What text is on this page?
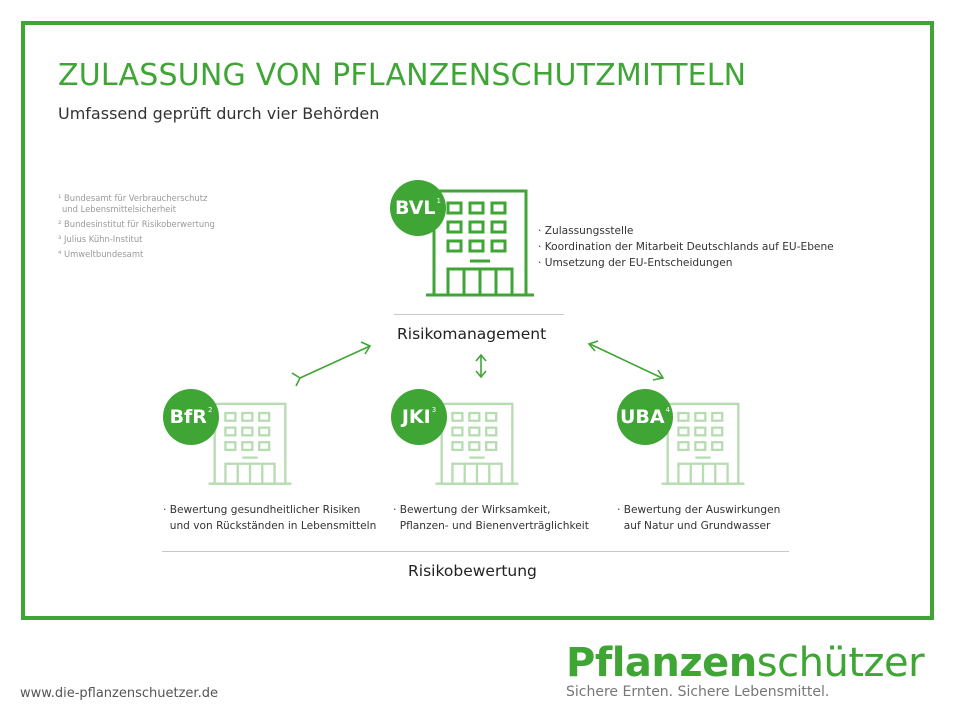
ZULASSUNG VON PFLANZENSCHUTZMITTELN
Umfassend geprüft durch vier Behörden
¹ Bundesamt für Verbraucherschutz
und Lebensmittelsicherheit
² Bundesinstitut für Risikoberwertung
³ Julius Kühn-Institut
⁴ Umweltbundesamt
$BVL^1$
· Zulassungsstelle
· Koordination der Mitarbeit Deutschlands auf EU-Ebene
· Umsetzung der EU-Entscheidungen
Risikomanagement
BfR$^2$
· Bewertung gesundheitlicher Risiken
und von Rückständen in Lebensmitteln
$JKI^3$
· Bewertung der Wirksamkeit,
Pflanzen- und Bienenverträglichkeit
$UBA^4$
· Bewertung der Auswirkungen
auf Natur und Grundwasser
Risikobewertung
www.die-pflanzenschuetzer.de
Pflanzenschützer
Sichere Ernten. Sichere Lebensmittel.
